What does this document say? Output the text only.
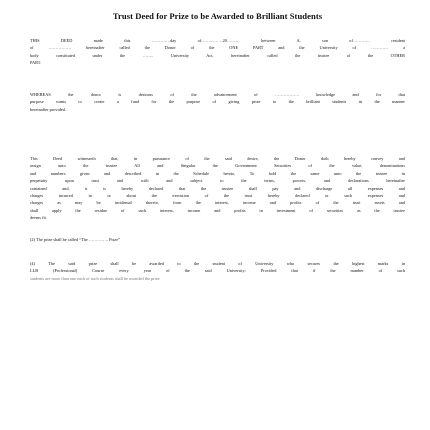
Trust Deed for Prize to be Awarded to Brilliant Students

THIS DEED made this ………….day of……………20……… between A, son of………… resident
of ……………. hereinafter called the Donor of the ONE PART and the University of ………… a
body constituted under the …….. University Act, hereinafter called the trustee of the OTHER
PART.

WHEREAS the donor is desirous of the advancement of …………….. knowledge and for that
purpose wants to create a fund for the purpose of giving prize to the brilliant students in the manner
hereinafter provided.

This Deed witnesseth that, in pursuance of the said desire, the Donor doth hereby convey and
assign unto the trustee All and Singular the Government Securities of the value, denominations
and numbers given and described in the Schedule hereto, To hold the same unto the trustee in
perpetuity upon trust and with and subject to the terms, powers, and declarations hereinafter
contained and, it is hereby declared that the trustee shall pay and discharge all expenses and
charges incurred in or about the execution of the trust hereby declared or such expenses and
charges as may be incidental thereto, from the interest, income and profits of the trust assets and
shall apply the residue of such interest, income and profits in investment of securities as the trustee
deems fit.

(2) The prize shall be called “The ………….. Prize”

(4) The said prize shall be awarded to the student of University who secures the highest marks in
LLB (Professional) Course every year of the said University: Provided that if the number of such
students are more than one each of such students shall be awarded the prize
